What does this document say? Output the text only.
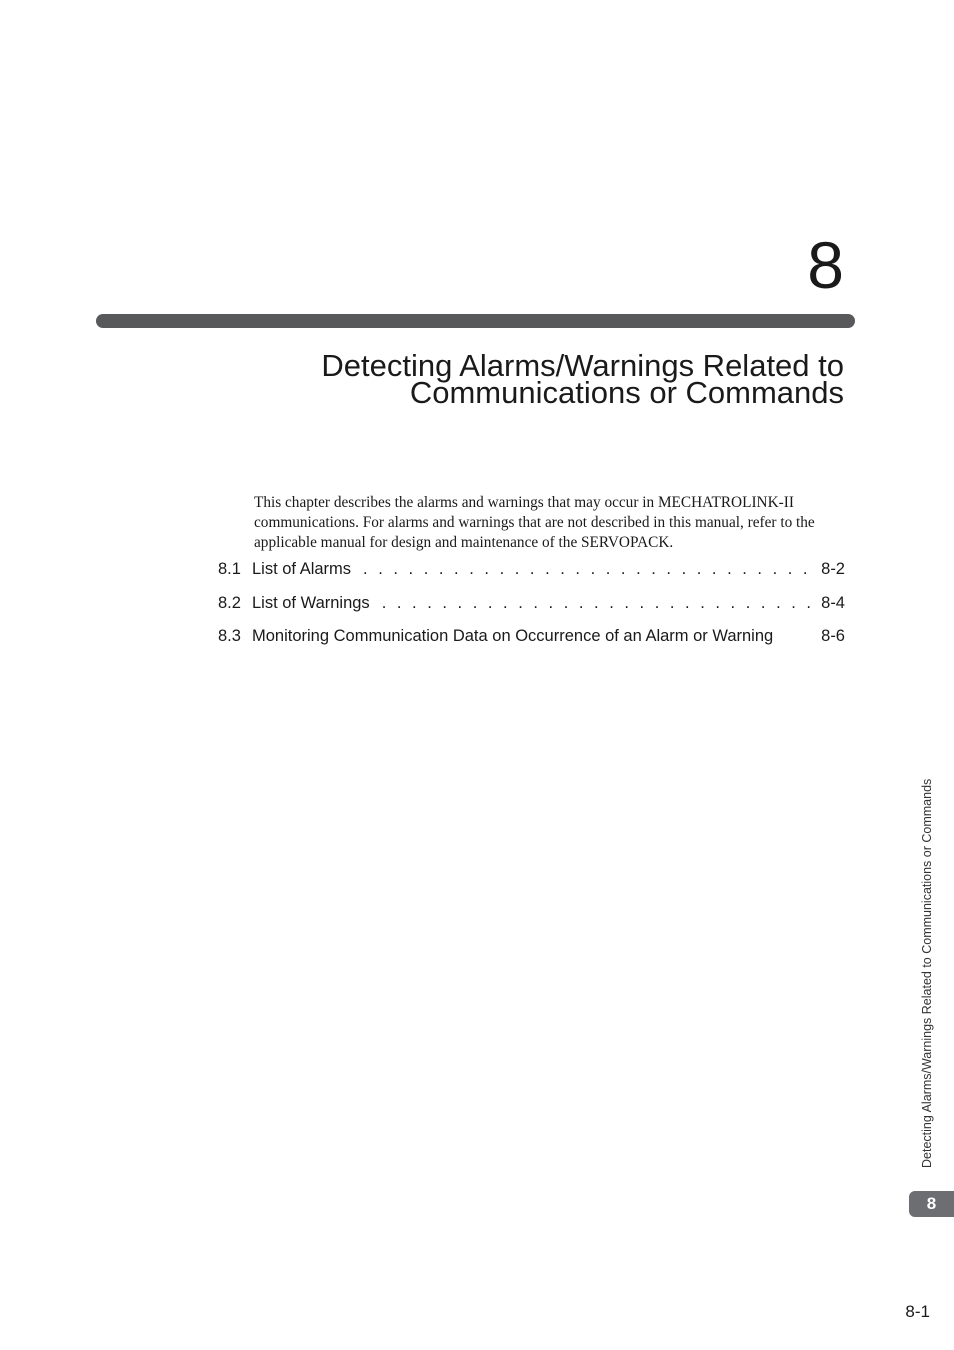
8
Detecting Alarms/Warnings Related to
Communications or Commands

This chapter describes the alarms and warnings that may occur in MECHATROLINK-II communications. For alarms and warnings that are not described in this manual, refer to the applicable manual for design and maintenance of the SERVOPACK.

8.1 List of Alarms . . .	8-2
8.2 List of Warnings . . .	8-4
8.3 Monitoring Communication Data on Occurrence of an Alarm or Warning	8-6
Detecting Alarms/Warnings Related to Communications or Commands
8
8-1
